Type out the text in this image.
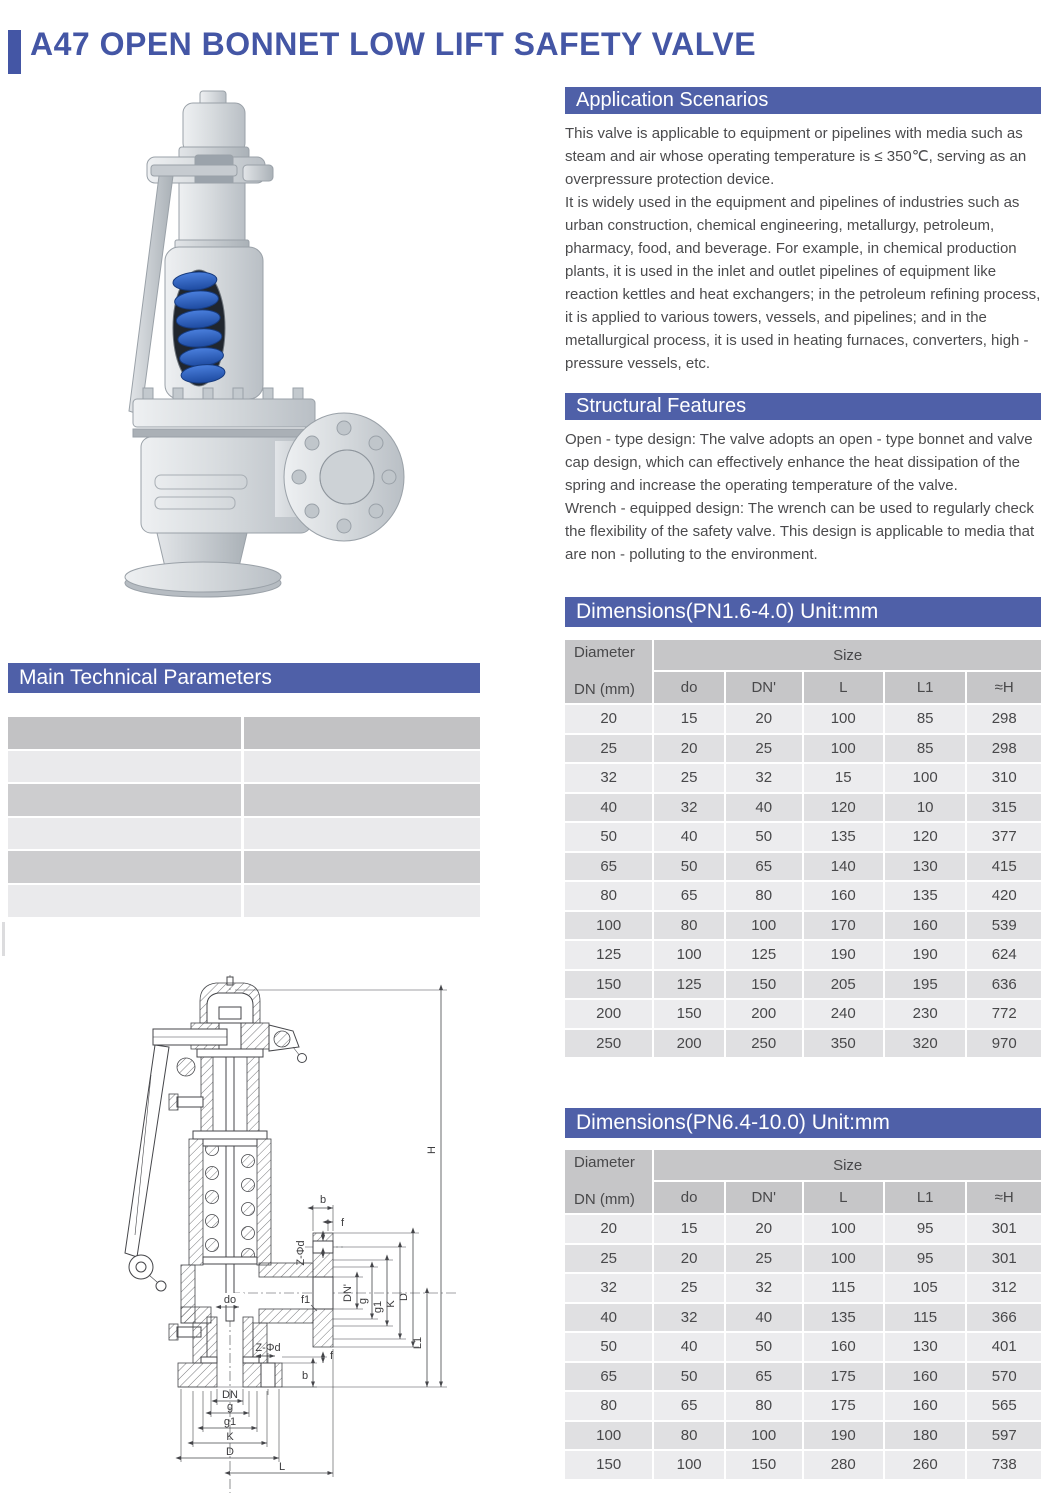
A47 OPEN BONNET LOW LIFT SAFETY VALVE
Application Scenarios

This valve is applicable to equipment or pipelines with media such as steam and air whose operating temperature is ≤ 350℃, serving as an overpressure protection device.

It is widely used in the equipment and pipelines of industries such as urban construction, chemical engineering, metallurgy, petroleum, pharmacy, food, and beverage. For example, in chemical production plants, it is used in the inlet and outlet pipelines of equipment like reaction kettles and heat exchangers; in the petroleum refining process, it is applied to various towers, vessels, and pipelines; and in the metallurgical process, it is used in heating furnaces, converters, high - pressure vessels, etc.

Structural Features

Open - type design: The valve adopts an open - type bonnet and valve cap design, which can effectively enhance the heat dissipation of the spring and increase the operating temperature of the valve.

Wrench - equipped design: The wrench can be used to regularly check the flexibility of the safety valve. This design is applicable to media that are non - polluting to the environment.

Dimensions(PN1.6-4.0) Unit:mm
Diameter
DN (mm)
Size
do	DN'	L	L1	≈H
20	15	20	100	85	298
25	20	25	100	85	298
32	25	32	15	100	310
40	32	40	120	10	315
50	40	50	135	120	377
65	50	65	140	130	415
80	65	80	160	135	420
100	80	100	170	160	539
125	100	125	190	190	624
150	125	150	205	195	636
200	150	200	240	230	772
250	200	250	350	320	970
Main Technical Parameters
H
L1
D
K
g1
g
DN'
b
f
Z-Φd
do	f1
Z-Φd
b
f
DN
g
g1
K
D
L
Dimensions(PN6.4-10.0) Unit:mm
Diameter
DN (mm)
Size
do	DN'	L	L1	≈H
20	15	20	100	95	301
25	20	25	100	95	301
32	25	32	115	105	312
40	32	40	135	115	366
50	40	50	160	130	401
65	50	65	175	160	570
80	65	80	175	160	565
100	80	100	190	180	597
150	100	150	280	260	738
